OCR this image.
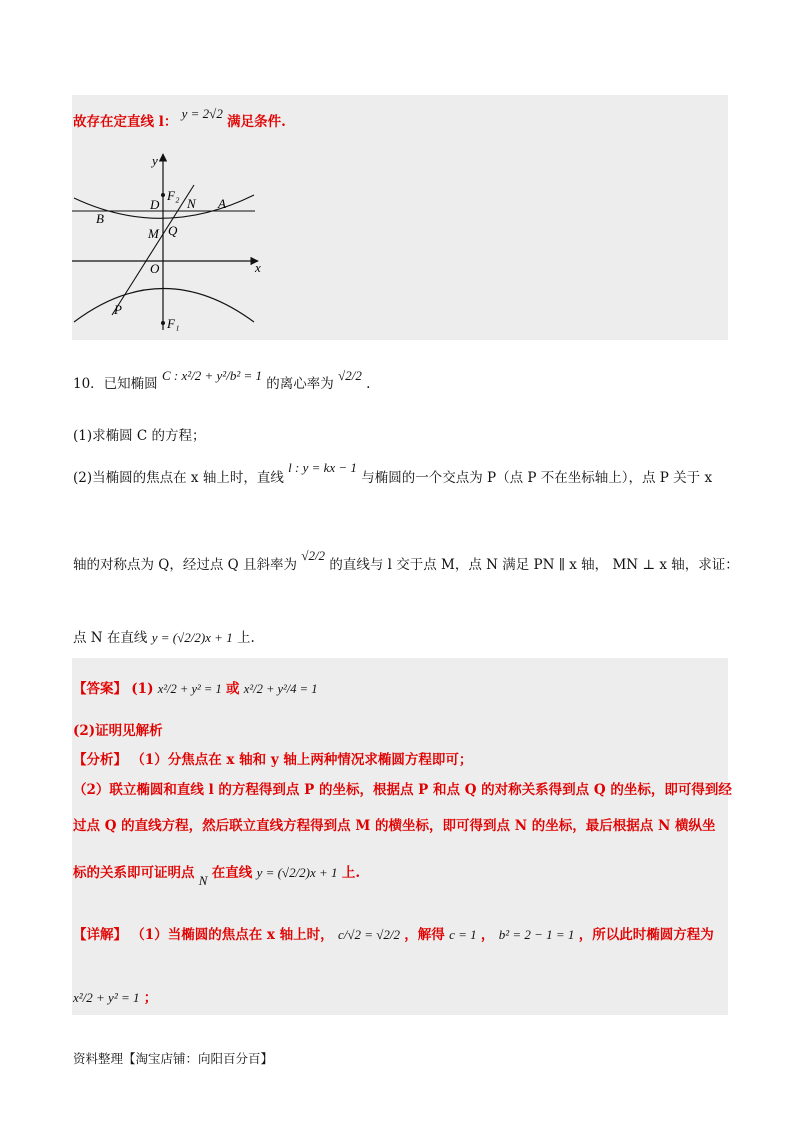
故存在定直线 l： y = 2√2 满足条件.
y
x
O
D
F₂
N A
B
M Q
P
F₁
10．已知椭圆 C : x²/2 + y²/b² = 1 的离心率为 √2/2 .
(1)求椭圆 C 的方程；
(2)当椭圆的焦点在 x 轴上时，直线 l : y = kx − 1 与椭圆的一个交点为 P（点 P 不在坐标轴上），点 P 关于 x
轴的对称点为 Q，经过点 Q 且斜率为 √2/2 的直线与 l 交于点 M，点 N 满足 PN ∥ x 轴， MN ⊥ x 轴，求证：
点 N 在直线 y = (√2/2)x + 1 上.
【答案】 (1) x²/2 + y² = 1 或 x²/2 + y²/4 = 1
(2)证明见解析
【分析】 （1）分焦点在 x 轴和 y 轴上两种情况求椭圆方程即可；
（2）联立椭圆和直线 l 的方程得到点 P 的坐标，根据点 P 和点 Q 的对称关系得到点 Q 的坐标，即可得到经
过点 Q 的直线方程，然后联立直线方程得到点 M 的横坐标，即可得到点 N 的坐标，最后根据点 N 横纵坐
标的关系即可证明点 N 在直线 y = (√2/2)x + 1 上.
【详解】 （1）当椭圆的焦点在 x 轴上时， c/√2 = √2/2 ，解得 c = 1 ， b² = 2 − 1 = 1 ，所以此时椭圆方程为
x²/2 + y² = 1 ；
资料整理【淘宝店铺：向阳百分百】
